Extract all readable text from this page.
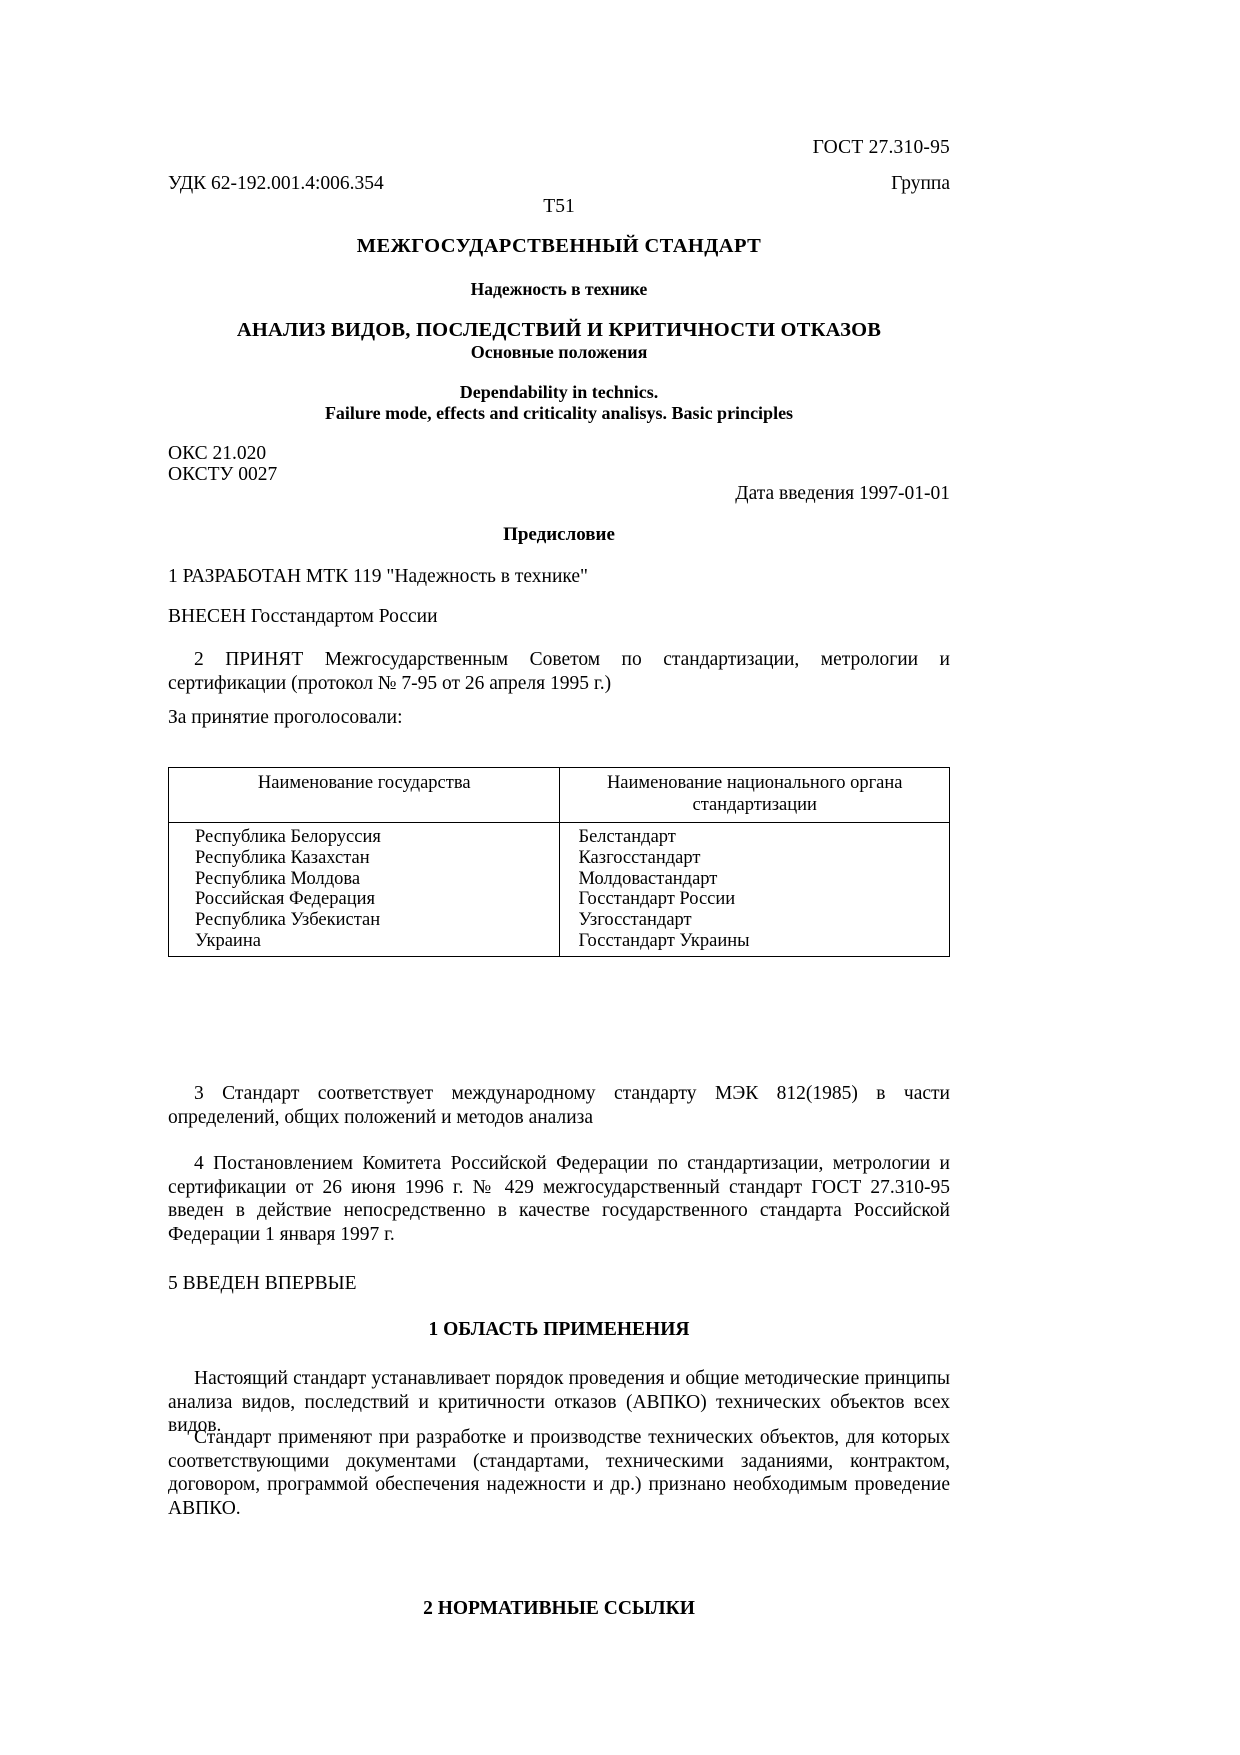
ГОСТ 27.310-95
УДК 62-192.001.4:006.354	Группа
Т51
МЕЖГОСУДАРСТВЕННЫЙ СТАНДАРТ
Надежность в технике
АНАЛИЗ ВИДОВ, ПОСЛЕДСТВИЙ И КРИТИЧНОСТИ ОТКАЗОВ
Основные положения
Dependability in technics.
Failure mode, effects and criticality analisys. Basic principles
ОКС 21.020
ОКСТУ 0027
Дата введения 1997-01-01
Предисловие
1 РАЗРАБОТАН МТК 119 "Надежность в технике"
ВНЕСЕН Госстандартом России
2 ПРИНЯТ Межгосударственным Советом по стандартизации, метрологии и сертификации (протокол № 7-95 от 26 апреля 1995 г.)
За принятие проголосовали:
Наименование государства	Наименование национального органа
стандартизации
Республика Белоруссия	Белстандарт
Республика Казахстан	Казгосстандарт
Республика Молдова	Молдовастандарт
Российская Федерация	Госстандарт России
Республика Узбекистан	Узгосстандарт
Украина	Госстандарт Украины
3 Стандарт соответствует международному стандарту МЭК 812(1985) в части определений, общих положений и методов анализа
4 Постановлением Комитета Российской Федерации по стандартизации, метрологии и сертификации от 26 июня 1996 г. № 429 межгосударственный стандарт ГОСТ 27.310-95 введен в действие непосредственно в качестве государственного стандарта Российской Федерации 1 января 1997 г.
5 ВВЕДЕН ВПЕРВЫЕ
1 ОБЛАСТЬ ПРИМЕНЕНИЯ
Настоящий стандарт устанавливает порядок проведения и общие методические принципы анализа видов, последствий и критичности отказов (АВПКО) технических объектов всех видов.
Стандарт применяют при разработке и производстве технических объектов, для которых соответствующими документами (стандартами, техническими заданиями, контрактом, договором, программой обеспечения надежности и др.) признано необходимым проведение АВПКО.
2 НОРМАТИВНЫЕ ССЫЛКИ
